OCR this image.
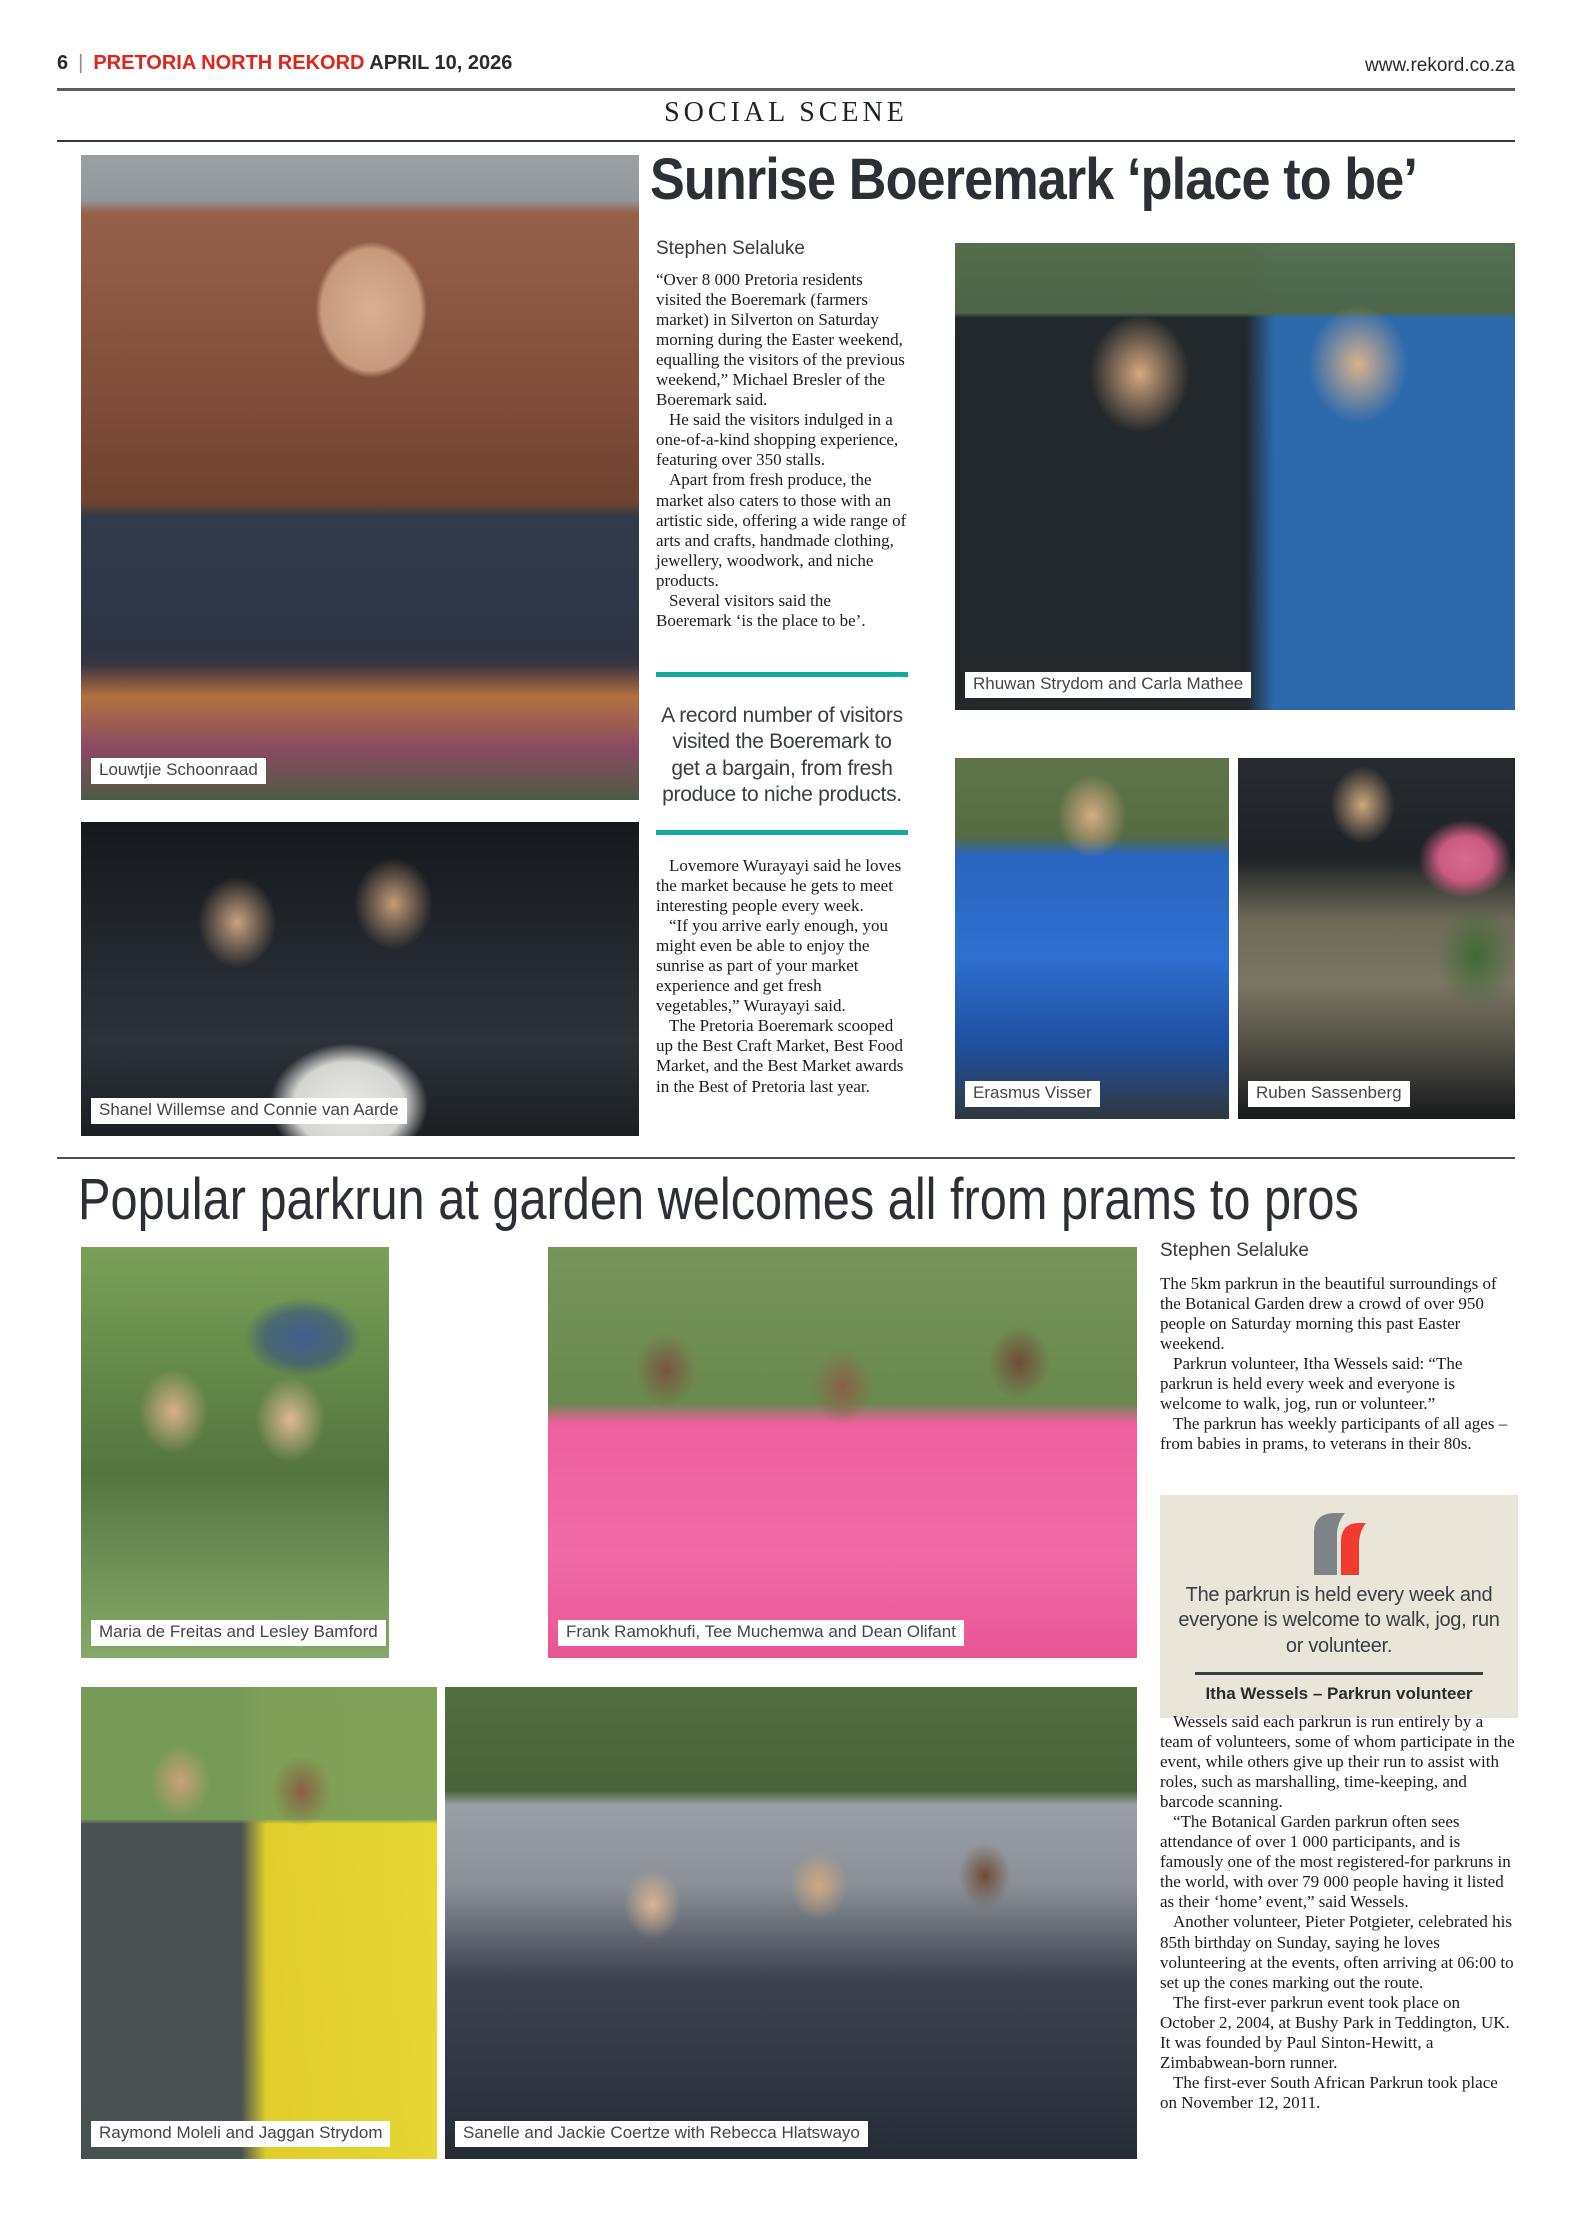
6 | PRETORIA NORTH REKORD APRIL 10, 2026	www.rekord.co.za
SOCIAL SCENE
Sunrise Boeremark ‘place to be’
Stephen Selaluke

“Over 8 000 Pretoria residents visited the Boeremark (farmers market) in Silverton on Saturday morning during the Easter weekend, equalling the visitors of the previous weekend,” Michael Bresler of the Boeremark said.

He said the visitors indulged in a one-of-a-kind shopping experience, featuring over 350 stalls.

Apart from fresh produce, the market also caters to those with an artistic side, offering a wide range of arts and crafts, handmade clothing, jewellery, woodwork, and niche products.

Several visitors said the Boeremark ‘is the place to be’.

A record number of visitors visited the Boeremark to get a bargain, from fresh produce to niche products.

Lovemore Wurayayi said he loves the market because he gets to meet interesting people every week.

“If you arrive early enough, you might even be able to enjoy the sunrise as part of your market experience and get fresh vegetables,” Wurayayi said.

The Pretoria Boeremark scooped up the Best Craft Market, Best Food Market, and the Best Market awards in the Best of Pretoria last year.

Louwtjie Schoonraad
Shanel Willemse and Connie van Aarde
Rhuwan Strydom and Carla Mathee
Erasmus Visser	Ruben Sassenberg
Popular parkrun at garden welcomes all from prams to pros
Stephen Selaluke

The 5km parkrun in the beautiful surroundings of the Botanical Garden drew a crowd of over 950 people on Saturday morning this past Easter weekend.

Parkrun volunteer, Itha Wessels said: “The parkrun is held every week and everyone is welcome to walk, jog, run or volunteer.”

The parkrun has weekly participants of all ages – from babies in prams, to veterans in their 80s.

The parkrun is held every week and everyone is welcome to walk, jog, run or volunteer.
Itha Wessels – Parkrun volunteer

Wessels said each parkrun is run entirely by a team of volunteers, some of whom participate in the event, while others give up their run to assist with roles, such as marshalling, time-keeping, and barcode scanning.

“The Botanical Garden parkrun often sees attendance of over 1 000 participants, and is famously one of the most registered-for parkruns in the world, with over 79 000 people having it listed as their ‘home’ event,” said Wessels.

Another volunteer, Pieter Potgieter, celebrated his 85th birthday on Sunday, saying he loves volunteering at the events, often arriving at 06:00 to set up the cones marking out the route.

The first-ever parkrun event took place on October 2, 2004, at Bushy Park in Teddington, UK. It was founded by Paul Sinton-Hewitt, a Zimbabwean-born runner.

The first-ever South African Parkrun took place on November 12, 2011.

Maria de Freitas and Lesley Bamford	Frank Ramokhufi, Tee Muchemwa and Dean Olifant
Raymond Moleli and Jaggan Strydom	Sanelle and Jackie Coertze with Rebecca Hlatswayo
